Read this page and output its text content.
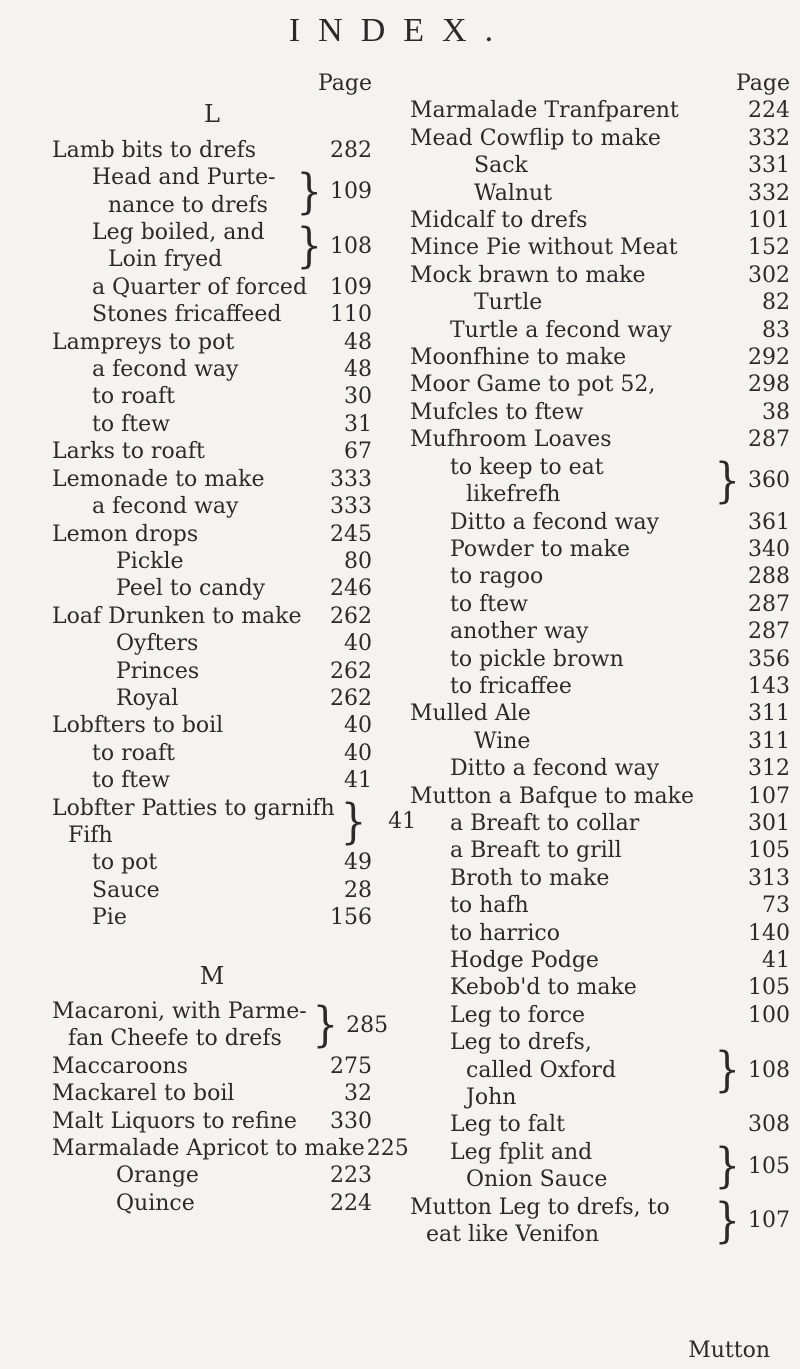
INDEX.
Page
L
Lamb bits to drefs	282
Head and Purte-
nance to drefs } 109
Leg boiled, and
Loin fryed	} 108
a Quarter of forced	109
Stones fricaffeed	110
Lampreys to pot	48
a fecond way	48
to roaft	30
to ftew	31
Larks to roaft	67
Lemonade to make	333
a fecond way	333
Lemon drops	245
Pickle	80
Peel to candy	246
Loaf Drunken to make	262
Oyfters	40
Princes	262
Royal	262
Lobfters to boil	40
to roaft	40
to ftew	41
Lobfter Patties to garnifh
Fifh	}	41
to pot	49
Sauce	28
Pie	156
M
Macaroni, with Parme-
fan Cheefe to drefs } 285
Maccaroons	275
Mackarel to boil	32
Malt Liquors to refine	330
Marmalade Apricot to make 225
Orange	223
Quince	224
Page
Marmalade Tranfparent	224
Mead Cowflip to make	332
Sack	331
Walnut	332
Midcalf to drefs	101
Mince Pie without Meat	152
Mock brawn to make	302
Turtle	82
Turtle a fecond way	83
Moonfhine to make	292
Moor Game to pot 52,	298
Mufcles to ftew	38
Mufhroom Loaves	287
to keep to eat
likefrefh	} 360
Ditto a fecond way	361
Powder to make	340
to ragoo	288
to ftew	287
another way	287
to pickle brown	356
to fricaffee	143
Mulled Ale	311
Wine	311
Ditto a fecond way	312
Mutton a Bafque to make	107
a Breaft to collar	301
a Breaft to grill	105
Broth to make	313
to hafh	73
to harrico	140
Hodge Podge	41
Kebob'd to make	105
Leg to force	100
Leg to drefs,
called Oxford
John	} 108
Leg to falt	308
Leg fplit and
Onion Sauce	} 105
Mutton Leg to drefs, to
eat like Venifon	} 107
Mutton
